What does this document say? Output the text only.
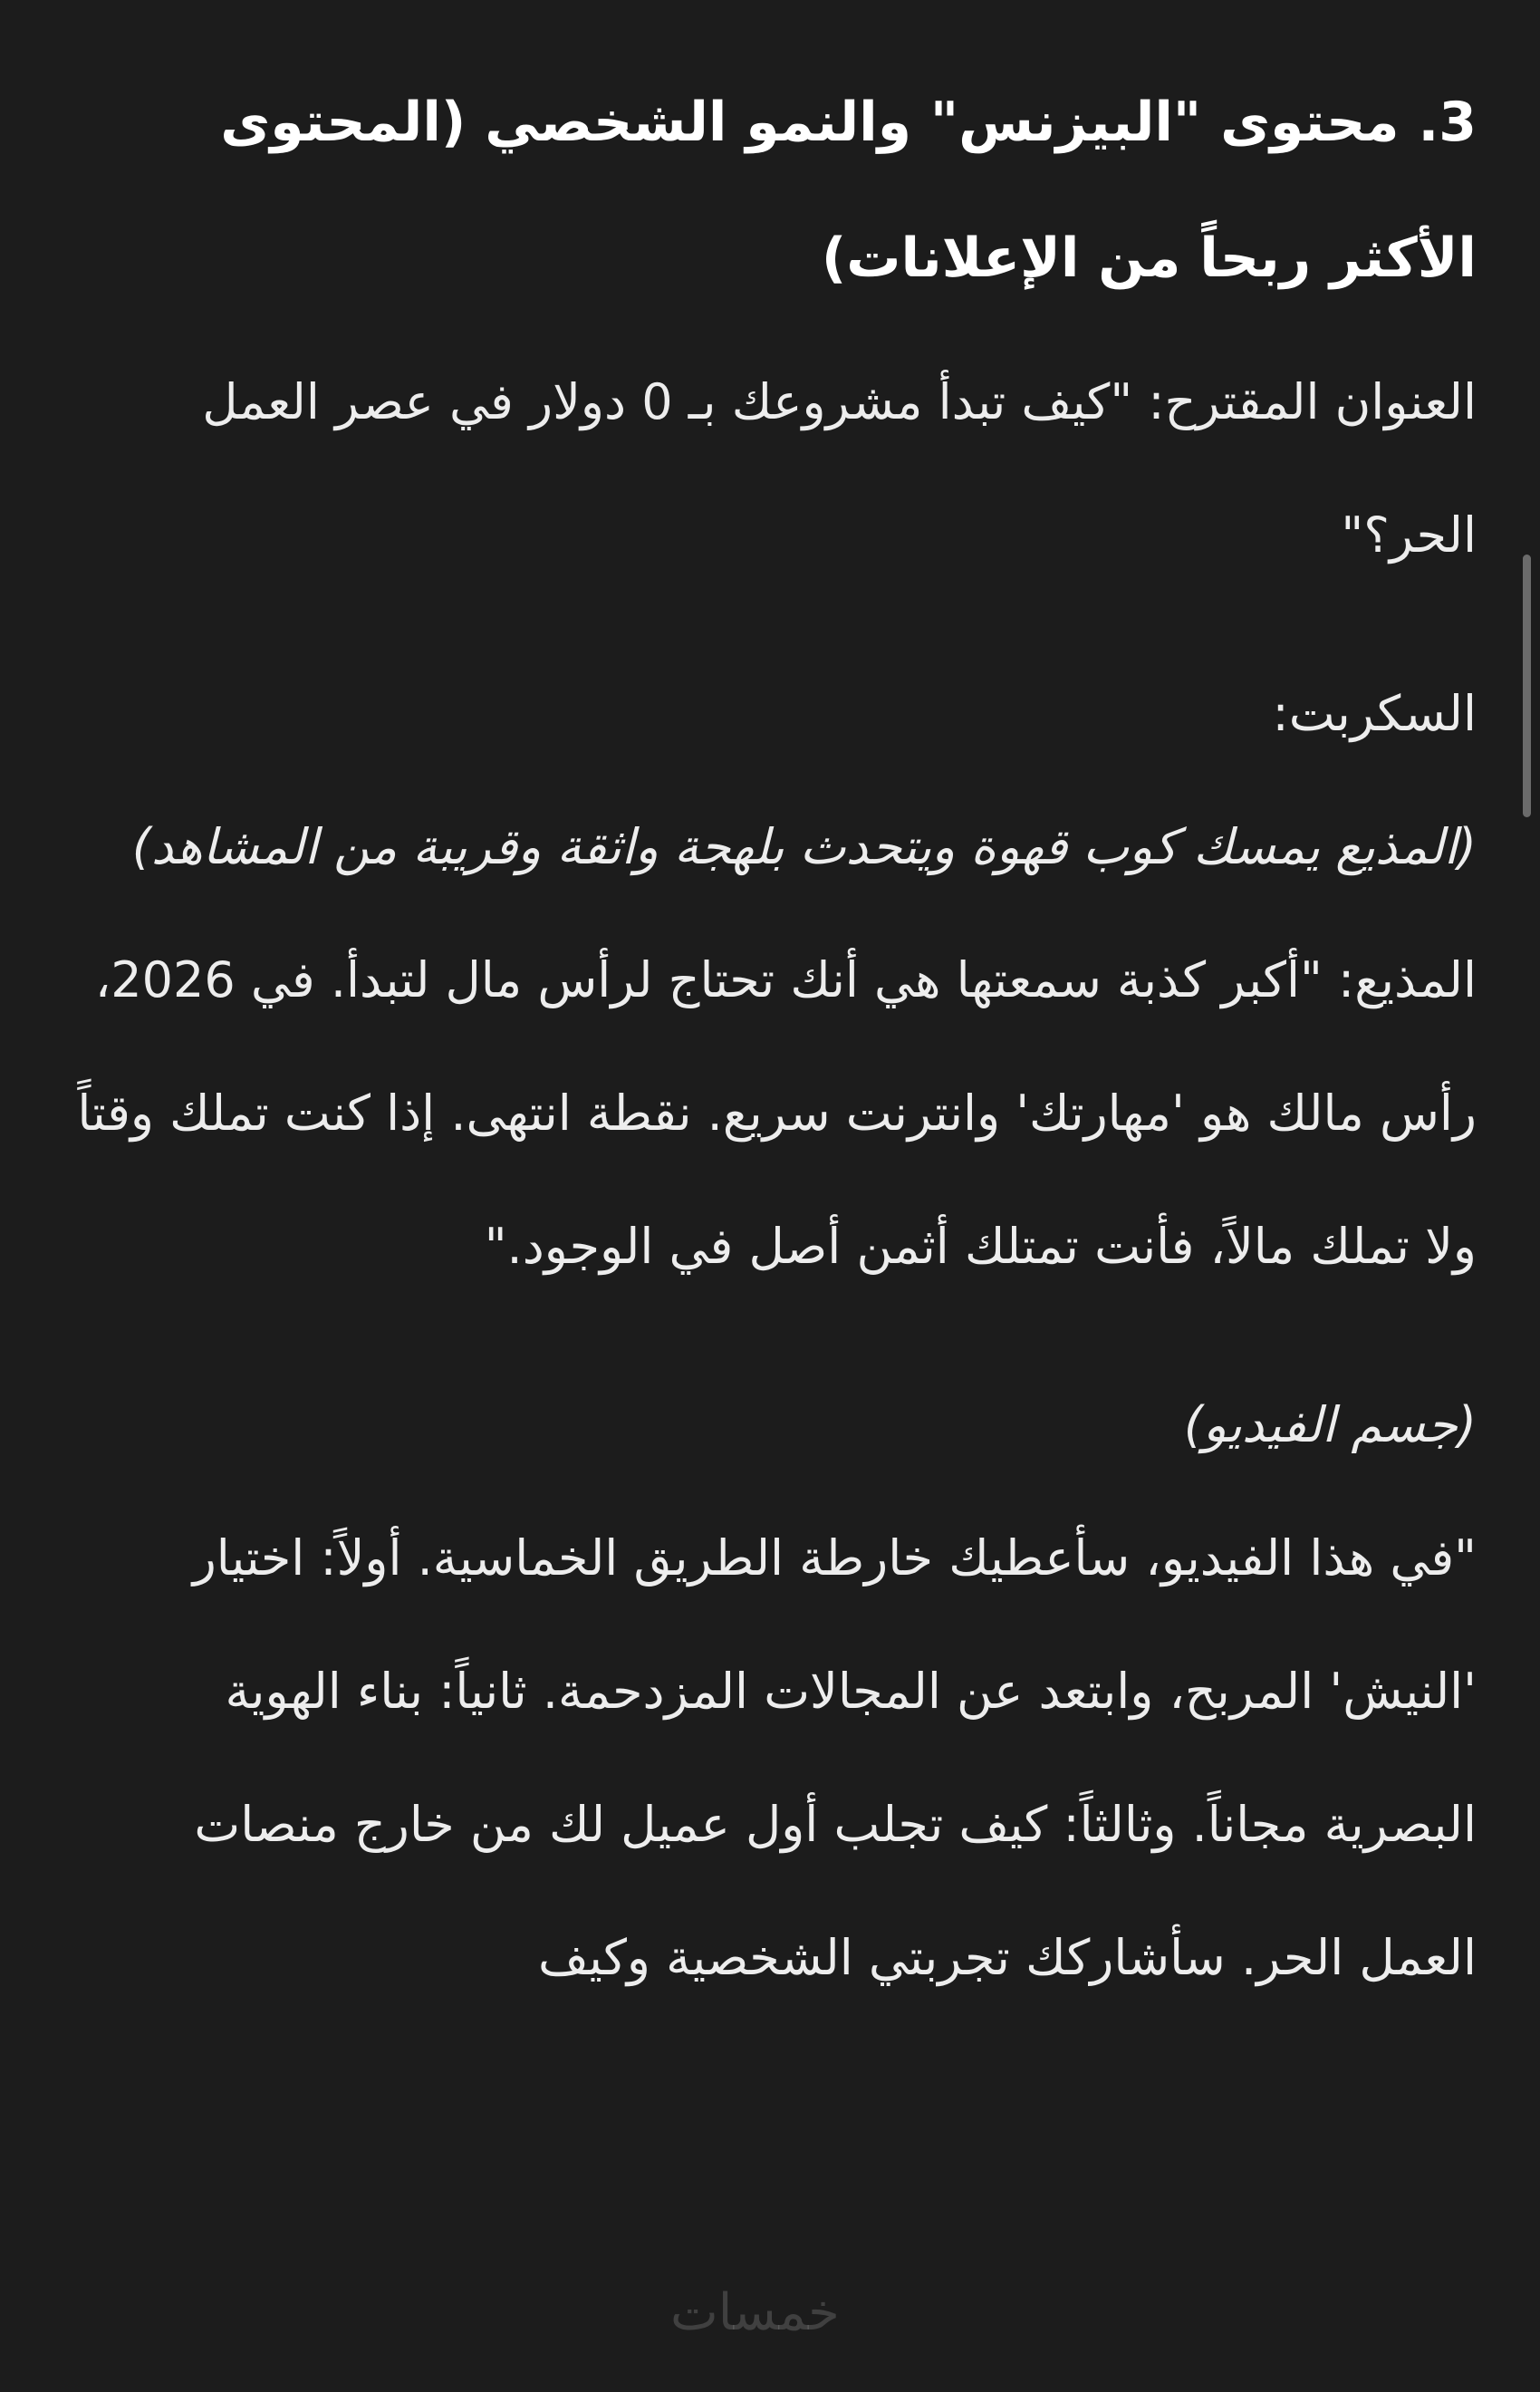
3. محتوى "البيزنس" والنمو الشخصي (المحتوى الأكثر ربحاً من الإعلانات)
العنوان المقترح: "كيف تبدأ مشروعك بـ 0 دولار في عصر العمل الحر؟"
السكربت:
(المذيع يمسك كوب قهوة ويتحدث بلهجة واثقة وقريبة من المشاهد)
المذيع: "أكبر كذبة سمعتها هي أنك تحتاج لرأس مال لتبدأ. في 2026، رأس مالك هو 'مهارتك' وانترنت سريع. نقطة انتهى. إذا كنت تملك وقتاً ولا تملك مالاً، فأنت تمتلك أثمن أصل في الوجود."
(جسم الفيديو)
"في هذا الفيديو، سأعطيك خارطة الطريق الخماسية. أولاً: اختيار 'النيش' المربح، وابتعد عن المجالات المزدحمة. ثانياً: بناء الهوية البصرية مجاناً. وثالثاً: كيف تجلب أول عميل لك من خارج منصات العمل الحر. سأشاركك تجربتي الشخصية وكيف
خمسات
